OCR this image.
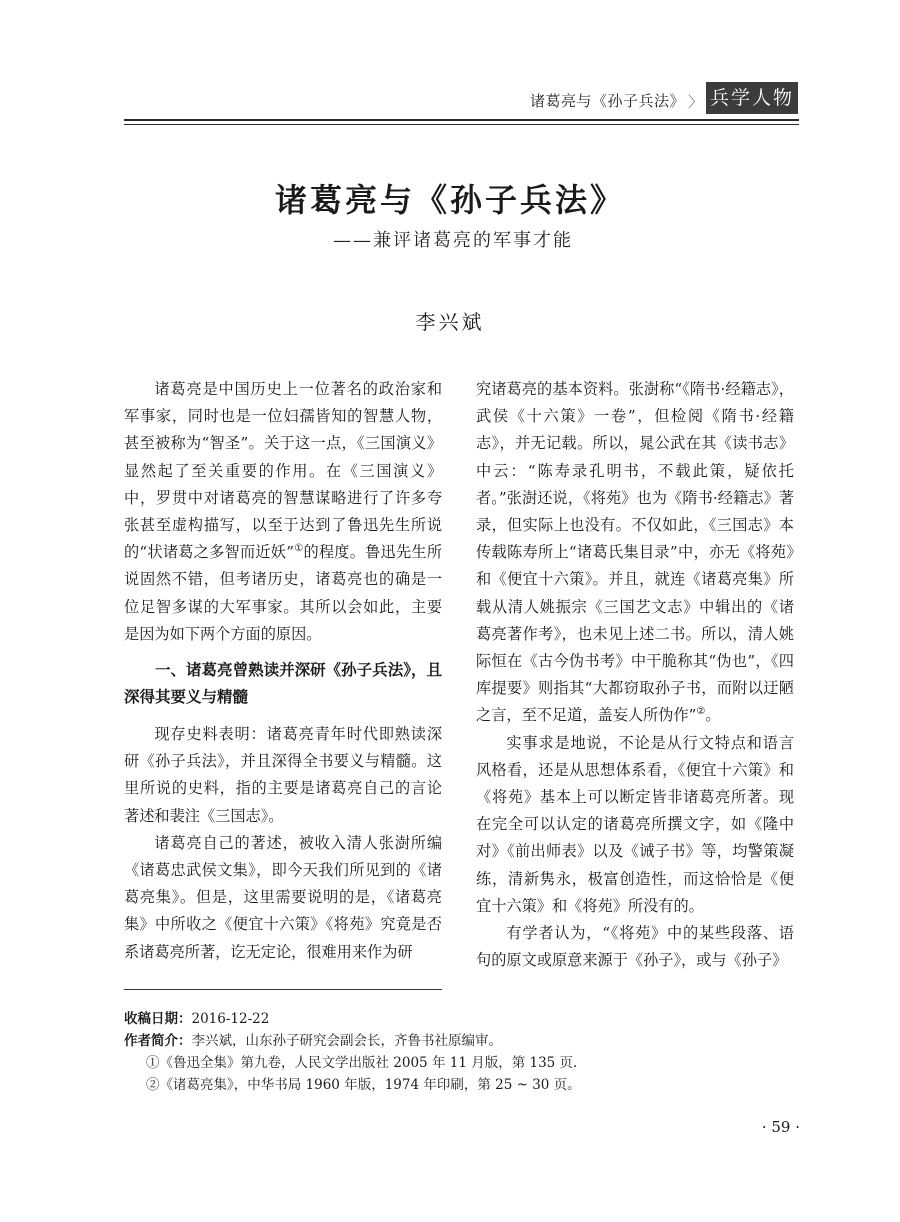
诸葛亮与《孙子兵法》 〉 兵学人物
诸葛亮与《孙子兵法》
——兼评诸葛亮的军事才能
李兴斌

诸葛亮是中国历史上一位著名的政治家和军事家，同时也是一位妇孺皆知的智慧人物，甚至被称为“智圣”。关于这一点，《三国演义》显然起了至关重要的作用。在《三国演义》中，罗贯中对诸葛亮的智慧谋略进行了许多夸张甚至虚构描写，以至于达到了鲁迅先生所说的“状诸葛之多智而近妖”①的程度。鲁迅先生所说固然不错，但考诸历史，诸葛亮也的确是一位足智多谋的大军事家。其所以会如此，主要是因为如下两个方面的原因。

一、诸葛亮曾熟读并深研《孙子兵法》，且深得其要义与精髓

现存史料表明：诸葛亮青年时代即熟读深研《孙子兵法》，并且深得全书要义与精髓。这里所说的史料，指的主要是诸葛亮自己的言论著述和裴注《三国志》。

诸葛亮自己的著述，被收入清人张澍所编《诸葛忠武侯文集》，即今天我们所见到的《诸葛亮集》。但是，这里需要说明的是，《诸葛亮集》中所收之《便宜十六策》《将苑》究竟是否系诸葛亮所著，讫无定论，很难用来作为研

究诸葛亮的基本资料。张澍称“《隋书·经籍志》，武侯《十六策》一卷”，但检阅《隋书·经籍志》，并无记载。所以，晁公武在其《读书志》中云：“陈寿录孔明书，不载此策，疑依托者。”张澍还说，《将苑》也为《隋书·经籍志》著录，但实际上也没有。不仅如此，《三国志》本传载陈寿所上“诸葛氏集目录”中，亦无《将苑》和《便宜十六策》。并且，就连《诸葛亮集》所载从清人姚振宗《三国艺文志》中辑出的《诸葛亮著作考》，也未见上述二书。所以，清人姚际恒在《古今伪书考》中干脆称其“伪也”，《四库提要》则指其“大都窃取孙子书，而附以迂陋之言，至不足道，盖妄人所伪作”②。

实事求是地说，不论是从行文特点和语言风格看，还是从思想体系看，《便宜十六策》和《将苑》基本上可以断定皆非诸葛亮所著。现在完全可以认定的诸葛亮所撰文字，如《隆中对》《前出师表》以及《诫子书》等，均警策凝练，清新隽永，极富创造性，而这恰恰是《便宜十六策》和《将苑》所没有的。

有学者认为，“《将苑》中的某些段落、语句的原文或原意来源于《孙子》，或与《孙子》

收稿日期：2016-12-22
作者简介：李兴斌，山东孙子研究会副会长，齐鲁书社原编审。
①《鲁迅全集》第九卷，人民文学出版社 2005 年 11 月版，第 135 页．
②《诸葛亮集》，中华书局 1960 年版，1974 年印刷，第 25 ~ 30 页。
· 59 ·
